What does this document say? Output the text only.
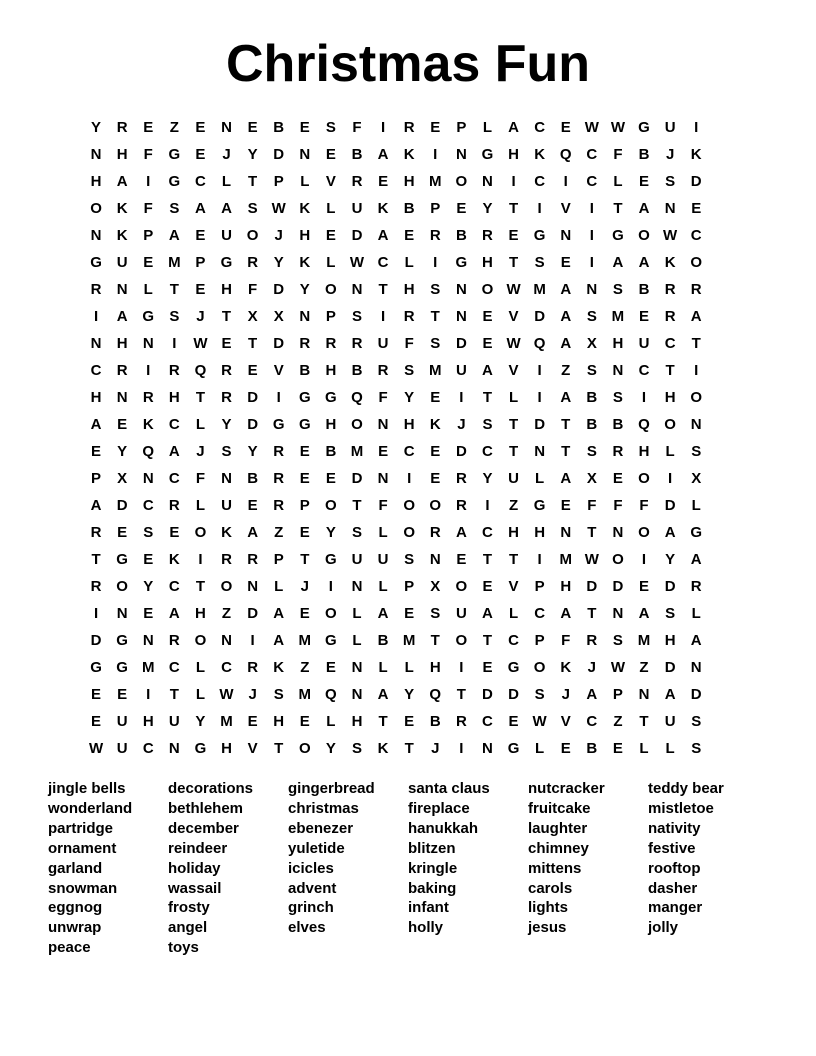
Christmas Fun
Y	R	E	Z	E	N	E	B	E	S	F	I	R	E	P	L	A	C	E W W G U	I
N	H	F	G	E	J	Y	D	N	E	B	A	K	I	N G H	K Q C	F	B	J	K
H	A	I	G C	L	T	P	L	V	R	E	H M O N	I	C	I	C	L	E	S	D
O K	F	S	A	A	S W K	L	U	K	B	P	E	Y	T	I	V	I	T	A	N	E
N	K	P	A	E	U O	J	H	E	D	A	E	R	B	R	E	G N	I	G O W C
G U	E M P	G R	Y	K	L W C	L	I	G H	T	S	E	I	A	A	K O
R	N	L	T	E	H	F	D	Y	O N	T	H	S	N O W M A	N	S	B	R	R
I	A G	S	J	T	X	X	N	P	S	I	R	T	N	E	V	D	A	S M E	R	A
N	H	N	I	W E	T	D	R	R	R	U	F	S	D	E W Q A	X	H	U	C	T
C	R	I	R Q R	E	V	B	H	B	R	S M U	A	V	I	Z	S	N	C	T	I
H	N	R	H	T	R	D	I	G G Q	F	Y	E	I	T	L	I	A	B	S	I	H O
A	E	K	C	L	Y	D G G H O N	H	K	J	S	T	D	T	B	B Q O N
E	Y	Q A	J	S	Y	R	E	B M E	C	E	D	C	T	N	T	S	R	H	L	S
P	X	N	C	F	N	B	R	E	E	D	N	I	E	R	Y	U	L	A	X	E	O	I	X
A	D	C	R	L	U	E	R	P	O	T	F	O O R	I	Z	G	E	F	F	F	D	L
R	E	S	E	O K	A	Z	E	Y	S	L	O R	A	C	H	H	N	T	N O A G
T	G	E	K	I	R	R	P	T	G U	U	S	N	E	T	T	I	M W O	I	Y	A
R O	Y	C	T	O N	L	J	I	N	L	P	X	O	E	V	P	H	D	D	E	D	R
I	N	E	A	H	Z	D	A	E	O	L	A	E	S	U	A	L	C	A	T	N	A	S	L
D G N	R O N	I	A M G	L	B M	T	O	T	C	P	F	R	S M H	A
G G M C	L	C	R	K	Z	E	N	L	L	H	I	E	G O K	J W Z	D	N
E	E	I	T	L W J	S M Q N	A	Y	Q	T	D	D	S	J	A	P	N	A	D
E	U	H	U	Y M E	H	E	L	H	T	E	B	R	C	E W V	C	Z	T	U	S
W U	C	N G H	V	T	O	Y	S	K	T	J	I	N G	L	E	B	E	L	L	S
jingle bells
wonderland
partridge
ornament
garland
snowman
eggnog
unwrap
peace
decorations
bethlehem
december
reindeer
holiday
wassail
frosty
angel
toys
gingerbread
christmas
ebenezer
yuletide
icicles
advent
grinch
elves
santa claus
fireplace
hanukkah
blitzen
kringle
baking
infant
holly
nutcracker
fruitcake
laughter
chimney
mittens
carols
lights
jesus
teddy bear
mistletoe
nativity
festive
rooftop
dasher
manger
jolly
